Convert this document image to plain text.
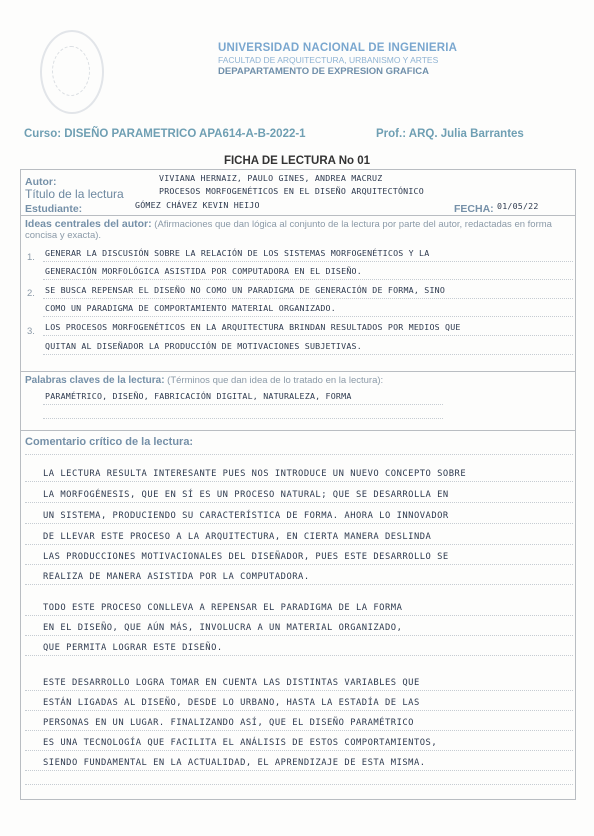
UNIVERSIDAD NACIONAL DE INGENIERIA
FACULTAD DE ARQUITECTURA, URBANISMO Y ARTES
DEPAPARTAMENTO DE EXPRESION GRAFICA
Curso: DISEÑO PARAMETRICO APA614-A-B-2022-1	Prof.: ARQ. Julia Barrantes
FICHA DE LECTURA No 01
Autor:	VIVIANA HERNAIZ, PAULO GINES, ANDREA MACRUZ
Título de la lectura	PROCESOS MORFOGENÉTICOS EN EL DISEÑO ARQUITECTÓNICO
Estudiante:	GÓMEZ CHÁVEZ KEVIN HEIJO	FECHA: 01/05/22
Ideas centrales del autor: (Afirmaciones que dan lógica al conjunto de la lectura por parte del autor, redactadas en forma concisa y exacta).
1. GENERAR LA DISCUSIÓN SOBRE LA RELACIÓN DE LOS SISTEMAS MORFOGENÉTICOS Y LA
GENERACIÓN MORFOLÓGICA ASISTIDA POR COMPUTADORA EN EL DISEÑO.
2. SE BUSCA REPENSAR EL DISEÑO NO COMO UN PARADIGMA DE GENERACIÓN DE FORMA, SINO
COMO UN PARADIGMA DE COMPORTAMIENTO MATERIAL ORGANIZADO.
3. LOS PROCESOS MORFOGENÉTICOS EN LA ARQUITECTURA BRINDAN RESULTADOS POR MEDIOS QUE
QUITAN AL DISEÑADOR LA PRODUCCIÓN DE MOTIVACIONES SUBJETIVAS.
Palabras claves de la lectura: (Términos que dan idea de lo tratado en la lectura):
PARAMÉTRICO, DISEÑO, FABRICACIÓN DIGITAL, NATURALEZA, FORMA
Comentario crítico de la lectura:
LA LECTURA RESULTA INTERESANTE PUES NOS INTRODUCE UN NUEVO CONCEPTO SOBRE
LA MORFOGÉNESIS, QUE EN SÍ ES UN PROCESO NATURAL; QUE SE DESARROLLA EN
UN SISTEMA, PRODUCIENDO SU CARACTERÍSTICA DE FORMA. AHORA LO INNOVADOR
DE LLEVAR ESTE PROCESO A LA ARQUITECTURA, EN CIERTA MANERA DESLINDA
LAS PRODUCCIONES MOTIVACIONALES DEL DISEÑADOR, PUES ESTE DESARROLLO SE
REALIZA DE MANERA ASISTIDA POR LA COMPUTADORA.
TODO ESTE PROCESO CONLLEVA A REPENSAR EL PARADIGMA DE LA FORMA
EN EL DISEÑO, QUE AÚN MÁS, INVOLUCRA A UN MATERIAL ORGANIZADO,
QUE PERMITA LOGRAR ESTE DISEÑO.
ESTE DESARROLLO LOGRA TOMAR EN CUENTA LAS DISTINTAS VARIABLES QUE
ESTÁN LIGADAS AL DISEÑO, DESDE LO URBANO, HASTA LA ESTADÍA DE LAS
PERSONAS EN UN LUGAR. FINALIZANDO ASÍ, QUE EL DISEÑO PARAMÉTRICO
ES UNA TECNOLOGÍA QUE FACILITA EL ANÁLISIS DE ESTOS COMPORTAMIENTOS,
SIENDO FUNDAMENTAL EN LA ACTUALIDAD, EL APRENDIZAJE DE ESTA MISMA.
